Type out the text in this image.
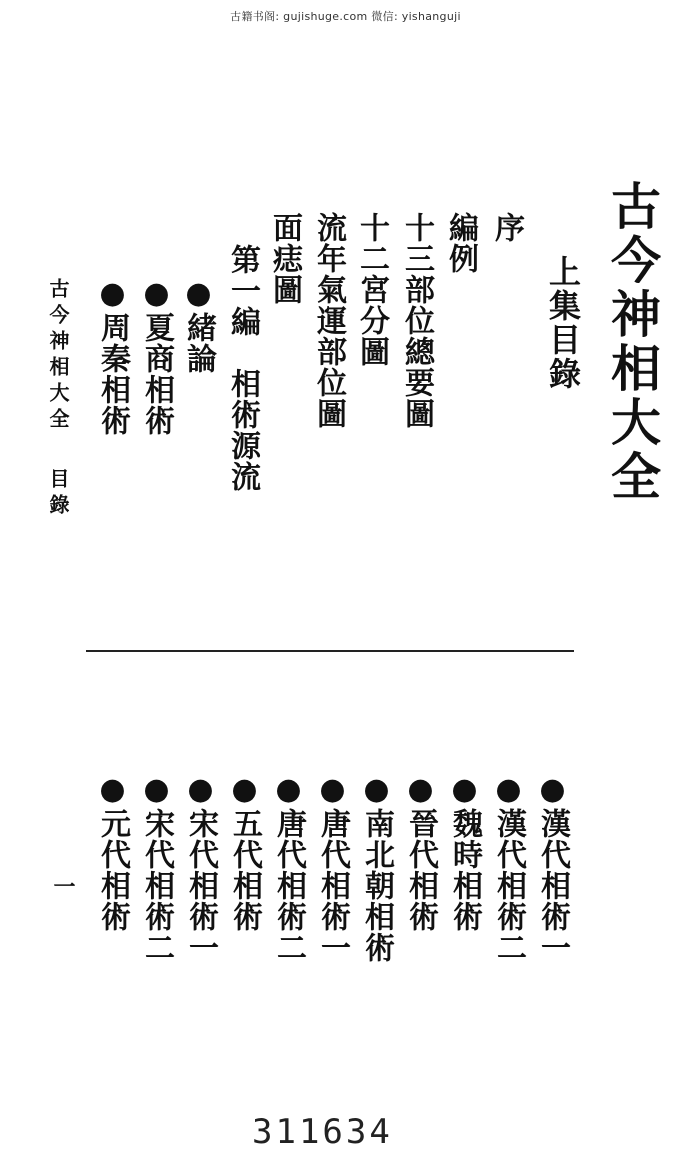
古籍书阁: gujishuge.com 微信: yishanguji
古今神相大全
上集目錄
序
編例
十三部位總要圖
十二宮分圖
流年氣運部位圖
面痣圖
第一編　相術源流
●緒論
●夏商相術
●周秦相術
古今神相大全目錄
●漢代相術一
●漢代相術二
●魏時相術
●晉代相術
●南北朝相術
●唐代相術一
●唐代相術二
●五代相術
●宋代相術一
●宋代相術二
●元代相術
一
311634
